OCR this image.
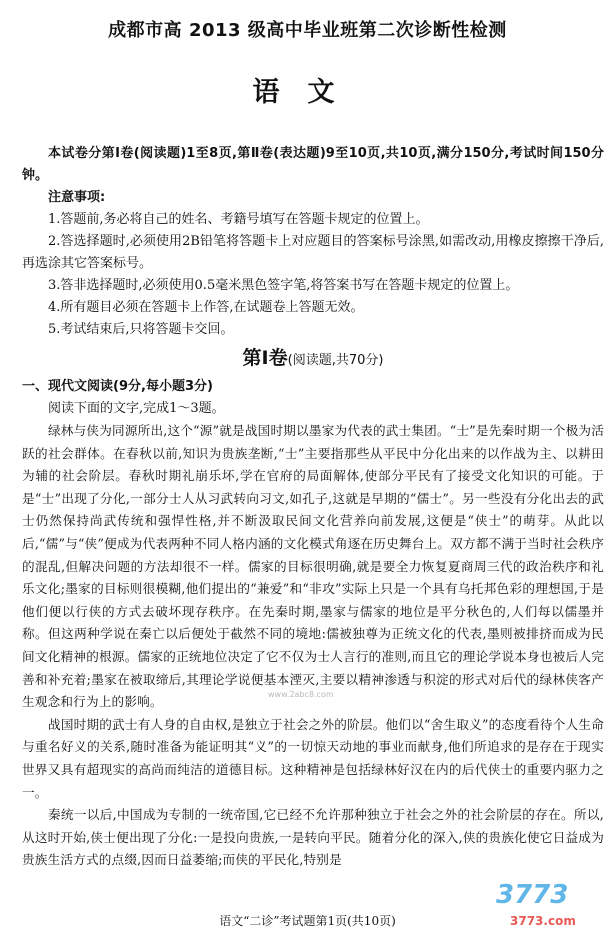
成都市高 2013 级高中毕业班第二次诊断性检测
语文

本试卷分第Ⅰ卷(阅读题)1至8页,第Ⅱ卷(表达题)9至10页,共10页,满分150分,考试时间150分钟。

注意事项:

1.答题前,务必将自己的姓名、考籍号填写在答题卡规定的位置上。

2.答选择题时,必须使用2B铅笔将答题卡上对应题目的答案标号涂黑,如需改动,用橡皮擦擦干净后,再选涂其它答案标号。

3.答非选择题时,必须使用0.5毫米黑色签字笔,将答案书写在答题卡规定的位置上。

4.所有题目必须在答题卡上作答,在试题卷上答题无效。

5.考试结束后,只将答题卡交回。

第Ⅰ卷(阅读题,共70分)

一、现代文阅读(9分,每小题3分)

阅读下面的文字,完成1～3题。

绿林与侠为同源所出,这个“源”就是战国时期以墨家为代表的武士集团。“士”是先秦时期一个极为活跃的社会群体。在春秋以前,知识为贵族垄断,“士”主要指那些从平民中分化出来的以作战为主、以耕田为辅的社会阶层。春秋时期礼崩乐坏,学在官府的局面解体,使部分平民有了接受文化知识的可能。于是“士”出现了分化,一部分士人从习武转向习文,如孔子,这就是早期的“儒士”。另一些没有分化出去的武士仍然保持尚武传统和强悍性格,并不断汲取民间文化营养向前发展,这便是“侠士”的萌芽。从此以后,“儒”与“侠”便成为代表两种不同人格内涵的文化模式角逐在历史舞台上。双方都不满于当时社会秩序的混乱,但解决问题的方法却很不一样。儒家的目标很明确,就是要全力恢复夏商周三代的政治秩序和礼乐文化;墨家的目标则很模糊,他们提出的“兼爱”和“非攻”实际上只是一个具有乌托邦色彩的理想国,于是他们便以行侠的方式去破坏现存秩序。在先秦时期,墨家与儒家的地位是平分秋色的,人们每以儒墨并称。但这两种学说在秦亡以后便处于截然不同的境地:儒被独尊为正统文化的代表,墨则被排挤而成为民间文化精神的根源。儒家的正统地位决定了它不仅为士人言行的准则,而且它的理论学说本身也被后人完善和补充着;墨家在被取缔后,其理论学说便基本湮灭,主要以精神渗透与积淀的形式对后代的绿林侠客产生观念和行为上的影响。

战国时期的武士有人身的自由权,是独立于社会之外的阶层。他们以“舍生取义”的态度看待个人生命与重名好义的关系,随时准备为能证明其“义”的一切惊天动地的事业而献身,他们所追求的是存在于现实世界又具有超现实的高尚而纯洁的道德目标。这种精神是包括绿林好汉在内的后代侠士的重要内驱力之一。

秦统一以后,中国成为专制的一统帝国,它已经不允许那种独立于社会之外的社会阶层的存在。所以,从这时开始,侠士便出现了分化:一是投向贵族,一是转向平民。随着分化的深入,侠的贵族化使它日益成为贵族生活方式的点缀,因而日益萎缩;而侠的平民化,特别是

www.2abc8.com
3773
3773.com
语文“二诊”考试题第1页(共10页)
